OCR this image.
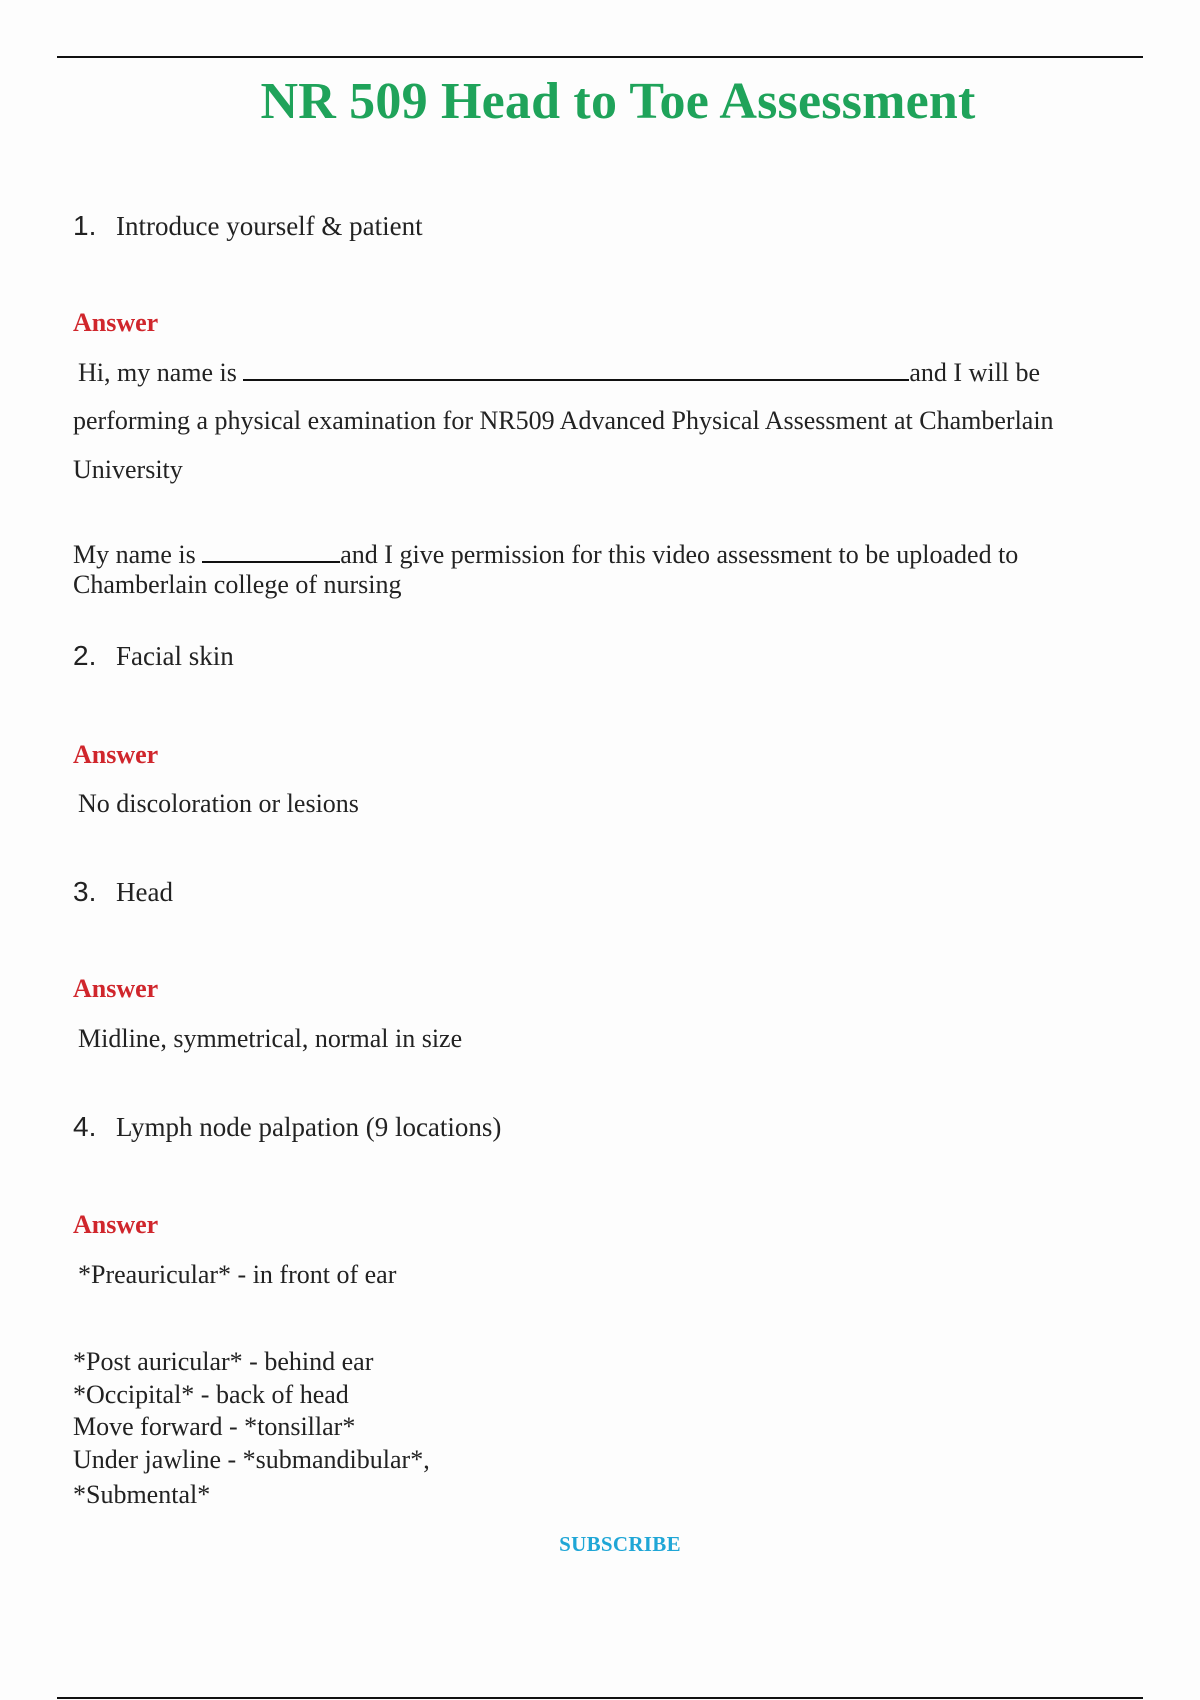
NR 509 Head to Toe Assessment
1. Introduce yourself & patient
Answer
Hi, my name is	and I will be
performing a physical examination for NR509 Advanced Physical Assessment at Chamberlain
University
My name is	and I give permission for this video assessment to be uploaded to
Chamberlain college of nursing
2. Facial skin
Answer
No discoloration or lesions
3. Head
Answer
Midline, symmetrical, normal in size
4. Lymph node palpation (9 locations)
Answer
*Preauricular* - in front of ear
*Post auricular* - behind ear
*Occipital* - back of head
Move forward - *tonsillar*
Under jawline - *submandibular*,
*Submental*
SUBSCRIBE
